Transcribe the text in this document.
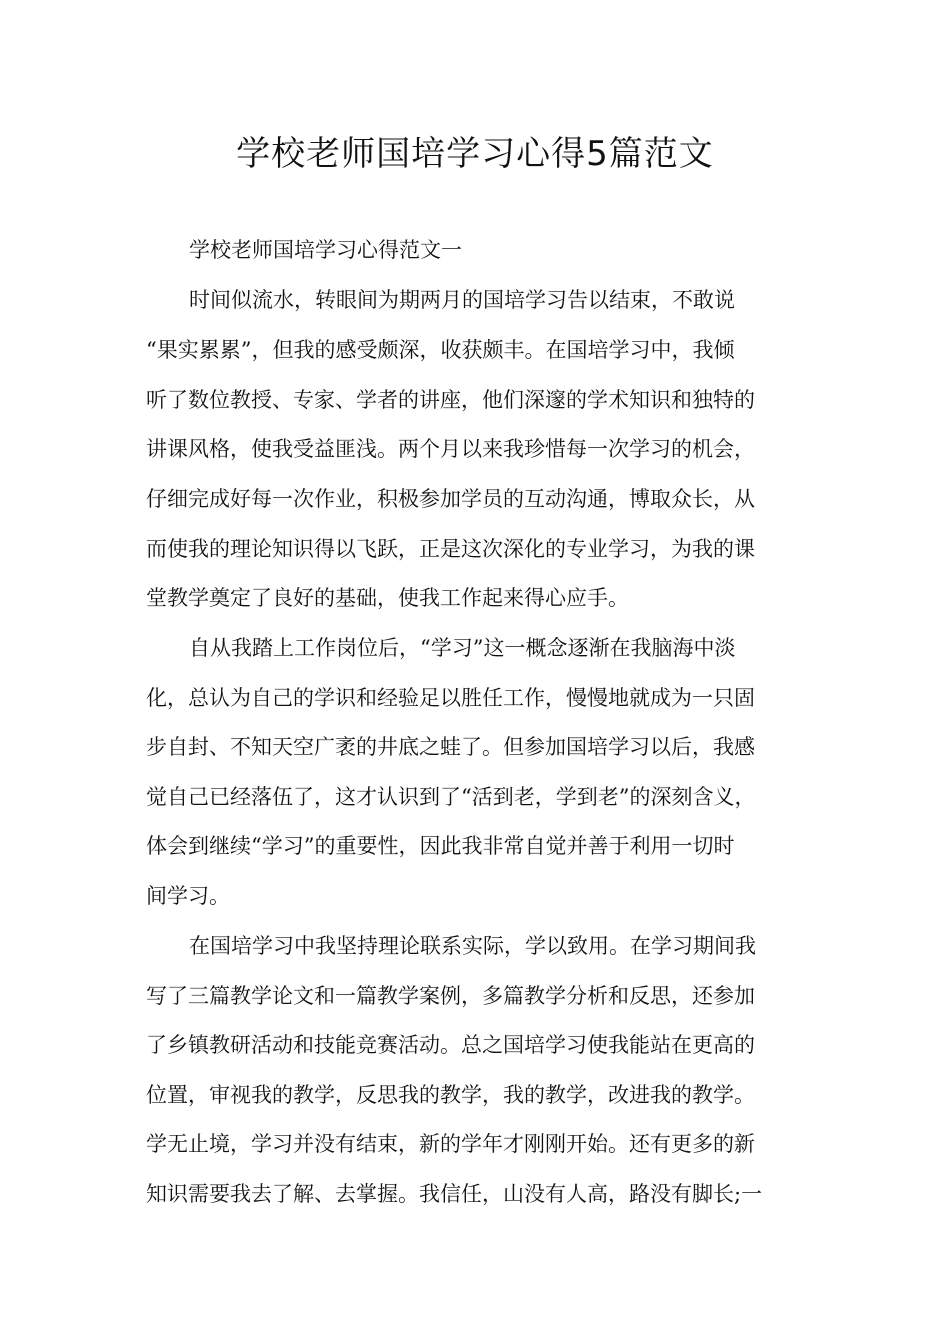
学校老师国培学习心得5篇范文

学校老师国培学习心得范文一

时间似流水，转眼间为期两月的国培学习告以结束，不敢说

“果实累累”，但我的感受颇深，收获颇丰。在国培学习中，我倾

听了数位教授、专家、学者的讲座，他们深邃的学术知识和独特的

讲课风格，使我受益匪浅。两个月以来我珍惜每一次学习的机会，

仔细完成好每一次作业，积极参加学员的互动沟通，博取众长，从

而使我的理论知识得以飞跃，正是这次深化的专业学习，为我的课

堂教学奠定了良好的基础，使我工作起来得心应手。

自从我踏上工作岗位后，“学习”这一概念逐渐在我脑海中淡

化，总认为自己的学识和经验足以胜任工作，慢慢地就成为一只固

步自封、不知天空广袤的井底之蛙了。但参加国培学习以后，我感

觉自己已经落伍了，这才认识到了“活到老，学到老”的深刻含义，

体会到继续“学习”的重要性，因此我非常自觉并善于利用一切时

间学习。

在国培学习中我坚持理论联系实际，学以致用。在学习期间我

写了三篇教学论文和一篇教学案例，多篇教学分析和反思，还参加

了乡镇教研活动和技能竞赛活动。总之国培学习使我能站在更高的

位置，审视我的教学，反思我的教学，我的教学，改进我的教学。

学无止境，学习并没有结束，新的学年才刚刚开始。还有更多的新

知识需要我去了解、去掌握。我信任，山没有人高，路没有脚长;一
